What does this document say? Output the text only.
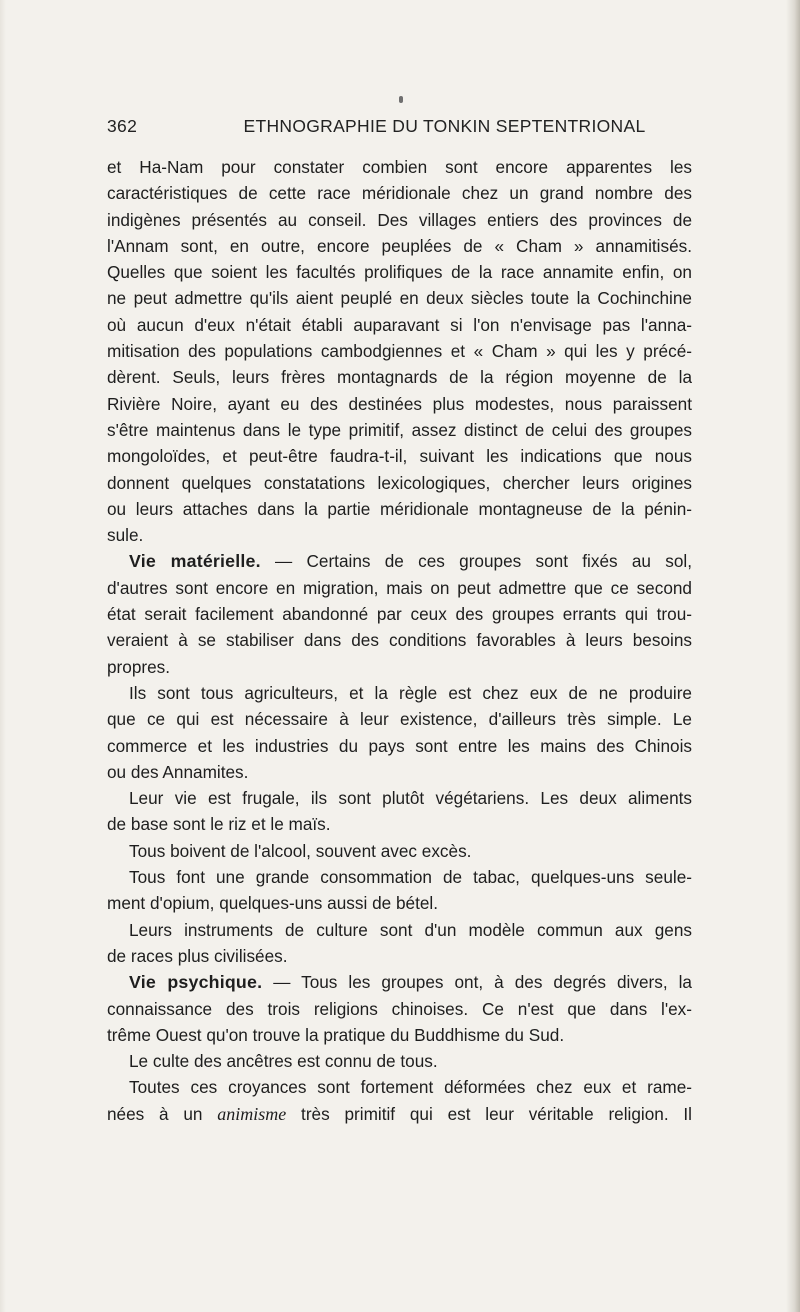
362	ETHNOGRAPHIE DU TONKIN SEPTENTRIONAL
et Ha-Nam pour constater combien sont encore apparentes les
caractéristiques de cette race méridionale chez un grand nombre des
indigènes présentés au conseil. Des villages entiers des provinces de
l'Annam sont, en outre, encore peuplées de « Cham » annamitisés.
Quelles que soient les facultés prolifiques de la race annamite enfin, on
ne peut admettre qu'ils aient peuplé en deux siècles toute la Cochinchine
où aucun d'eux n'était établi auparavant si l'on n'envisage pas l'anna-
mitisation des populations cambodgiennes et « Cham » qui les y précé-
dèrent. Seuls, leurs frères montagnards de la région moyenne de la
Rivière Noire, ayant eu des destinées plus modestes, nous paraissent
s'être maintenus dans le type primitif, assez distinct de celui des groupes
mongoloïdes, et peut-être faudra-t-il, suivant les indications que nous
donnent quelques constatations lexicologiques, chercher leurs origines
ou leurs attaches dans la partie méridionale montagneuse de la pénin-
sule.
Vie matérielle. — Certains de ces groupes sont fixés au sol,
d'autres sont encore en migration, mais on peut admettre que ce second
état serait facilement abandonné par ceux des groupes errants qui trou-
veraient à se stabiliser dans des conditions favorables à leurs besoins
propres.
Ils sont tous agriculteurs, et la règle est chez eux de ne produire
que ce qui est nécessaire à leur existence, d'ailleurs très simple. Le
commerce et les industries du pays sont entre les mains des Chinois
ou des Annamites.
Leur vie est frugale, ils sont plutôt végétariens. Les deux aliments
de base sont le riz et le maïs.
Tous boivent de l'alcool, souvent avec excès.
Tous font une grande consommation de tabac, quelques-uns seule-
ment d'opium, quelques-uns aussi de bétel.
Leurs instruments de culture sont d'un modèle commun aux gens
de races plus civilisées.
Vie psychique. — Tous les groupes ont, à des degrés divers, la
connaissance des trois religions chinoises. Ce n'est que dans l'ex-
trême Ouest qu'on trouve la pratique du Buddhisme du Sud.
Le culte des ancêtres est connu de tous.
Toutes ces croyances sont fortement déformées chez eux et rame-
nées à un animisme très primitif qui est leur véritable religion. Il
